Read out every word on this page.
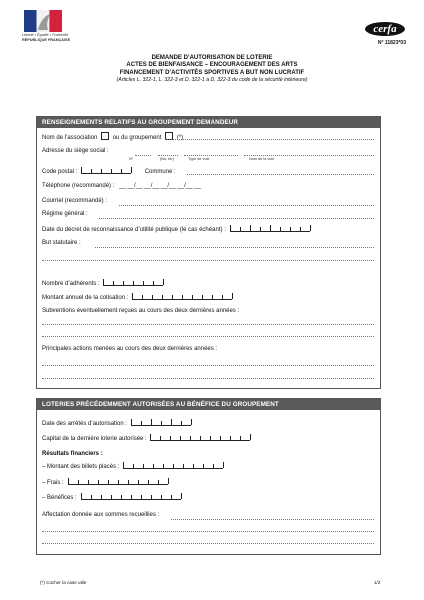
Liberté • Égalité • Fraternité
RÉPUBLIQUE FRANÇAISE
cerfa
N° 11823*03
DEMANDE D’AUTORISATION DE LOTERIE
ACTES DE BIENFAISANCE – ENCOURAGEMENT DES ARTS
FINANCEMENT D’ACTIVITÉS SPORTIVES A BUT NON LUCRATIF
(Articles L. 322-1, L. 322-3 et D. 322-1 à D. 322-3 du code de la sécurité intérieure)
RENSEIGNEMENTS RELATIFS AU GROUPEMENT DEMANDEUR
Nom de l’association	ou du groupement	(*)
Adresse du siège social :
N°	(bis, ter)	Type de voie	Nom de la voie
Code postal :	Commune :
Téléphone (recommandé) : __ __/__ __/__ __/__ __/__ __
Courriel (recommandé) :
Régime général :
Date du décret de reconnaissance d’utilité publique (le cas échéant) :
But statutaire :
Nombre d’adhérents :
Montant annuel de la cotisation :
Subventions éventuellement reçues au cours des deux dernières années :
Principales actions menées au cours des deux dernières années :
LOTERIES PRÉCÉDEMMENT AUTORISÉES AU BÉNÉFICE DU GROUPEMENT
Date des arrêtés d’autorisation :
Capital de la dernière loterie autorisée :
Résultats financiers :
– Montant des billets placés :
– Frais :
– Bénéfices :
Affectation donnée aux sommes recueillies :
(*) Cocher la case utile	1/2
